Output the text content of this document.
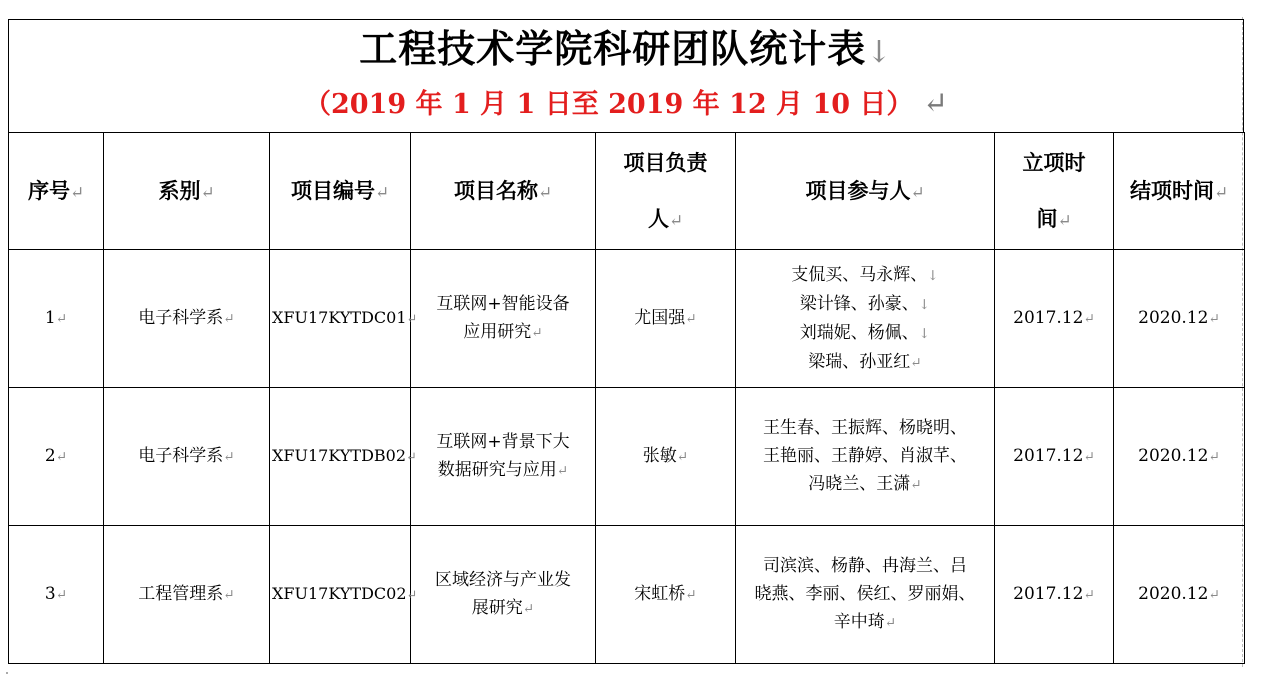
工程技术学院科研团队统计表↓
（2019 年 1 月 1 日至 2019 年 12 月 10 日） ↵
序号↵	系别↵	项目编号↵	项目名称↵	项目负责
人↵	项目参与人↵	立项时
间↵	结项时间↵
1↵	电子科学系↵	XFU17KYTDC01↵	互联网+智能设备
应用研究↵	尤国强↵	支侃买、马永辉、↓
梁计锋、孙豪、↓
刘瑞妮、杨佩、↓
梁瑞、孙亚红↵	2017.12↵	2020.12↵
2↵	电子科学系↵	XFU17KYTDB02↵	互联网+背景下大
数据研究与应用↵	张敏↵	王生春、王振辉、杨晓明、
王艳丽、王静婷、肖淑芊、
冯晓兰、王潇↵	2017.12↵	2020.12↵
3↵	工程管理系↵	XFU17KYTDC02↵	区域经济与产业发
展研究↵	宋虹桥↵	司滨滨、杨静、冉海兰、吕
晓燕、李丽、侯红、罗丽娟、
辛中琦↵	2017.12↵	2020.12↵
